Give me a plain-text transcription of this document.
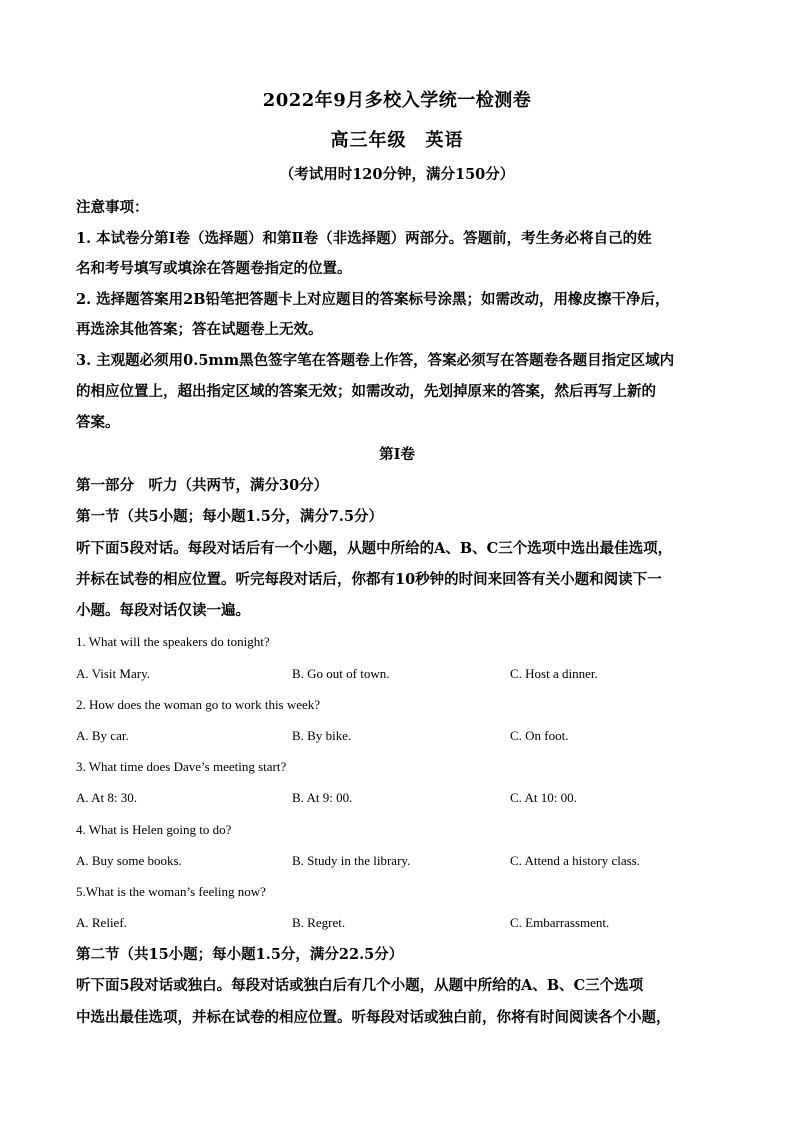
2022年9月多校入学统一检测卷
高三年级　英语
（考试用时120分钟，满分150分）
注意事项：
1. 本试卷分第Ⅰ卷（选择题）和第Ⅱ卷（非选择题）两部分。答题前，考生务必将自己的姓
名和考号填写或填涂在答题卷指定的位置。
2. 选择题答案用2B铅笔把答题卡上对应题目的答案标号涂黑；如需改动，用橡皮擦干净后，
再选涂其他答案；答在试题卷上无效。
3. 主观题必须用0.5mm黑色签字笔在答题卷上作答，答案必须写在答题卷各题目指定区域内
的相应位置上，超出指定区域的答案无效；如需改动，先划掉原来的答案，然后再写上新的
答案。
第Ⅰ卷
第一部分　听力（共两节，满分30分）
第一节（共5小题；每小题1.5分，满分7.5分）
听下面5段对话。每段对话后有一个小题，从题中所给的A、B、C三个选项中选出最佳选项，
并标在试卷的相应位置。听完每段对话后，你都有10秒钟的时间来回答有关小题和阅读下一
小题。每段对话仅读一遍。
1. What will the speakers do tonight?
A. Visit Mary.	B. Go out of town.	C. Host a dinner.
2. How does the woman go to work this week?
A. By car.	B. By bike.	C. On foot.
3. What time does Dave’s meeting start?
A. At 8: 30.	B. At 9: 00.	C. At 10: 00.
4. What is Helen going to do?
A. Buy some books.	B. Study in the library.	C. Attend a history class.
5.What is the woman’s feeling now?
A. Relief.	B. Regret.	C. Embarrassment.
第二节（共15小题；每小题1.5分，满分22.5分）
听下面5段对话或独白。每段对话或独白后有几个小题，从题中所给的A、B、C三个选项
中选出最佳选项，并标在试卷的相应位置。听每段对话或独白前，你将有时间阅读各个小题，
